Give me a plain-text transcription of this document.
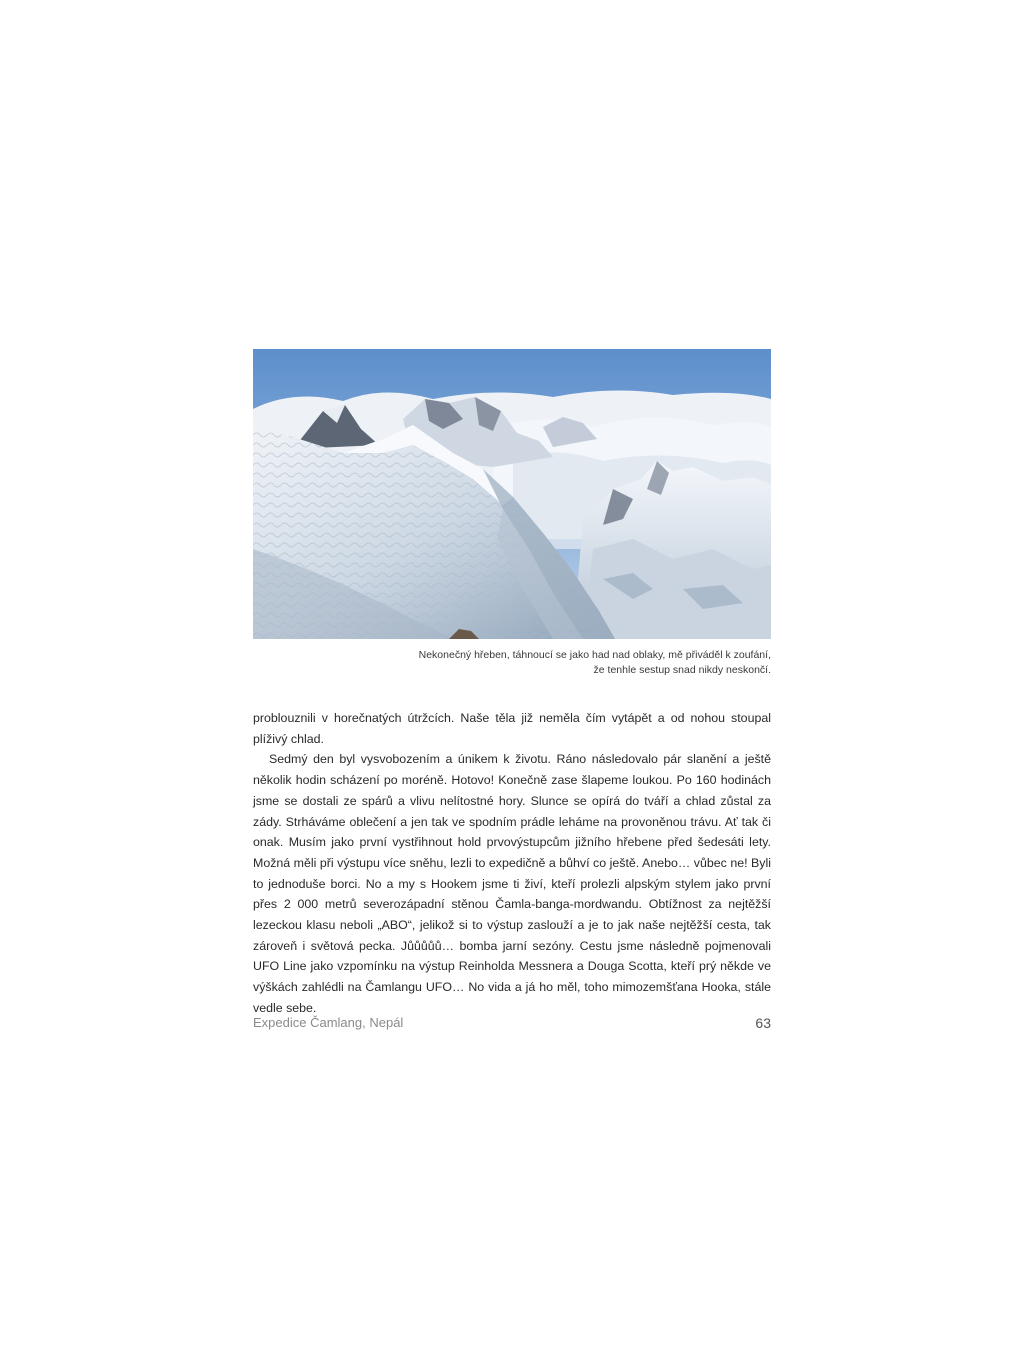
Nekonečný hřeben, táhnoucí se jako had nad oblaky, mě přiváděl k zoufání,
že tenhle sestup snad nikdy neskončí.

problouznili v horečnatých útržcích. Naše těla již neměla čím vytápět a od nohou stoupal plíživý chlad.

Sedmý den byl vysvobozením a únikem k životu. Ráno následovalo pár slanění a ještě několik hodin scházení po moréně. Hotovo! Konečně zase šlapeme loukou. Po 160 hodinách jsme se dostali ze spárů a vlivu nelítostné hory. Slunce se opírá do tváří a chlad zůstal za zády. Strháváme oblečení a jen tak ve spodním prádle leháme na provoněnou trávu. Ať tak či onak. Musím jako první vystřihnout hold prvovýstupcům jižního hřebene před šedesáti lety. Možná měli při výstupu více sněhu, lezli to expedičně a bůhví co ještě. Anebo… vůbec ne! Byli to jednoduše borci. No a my s Hookem jsme ti živí, kteří prolezli alpským stylem jako první přes 2 000 metrů severozápadní stěnou Čamla-banga-mordwandu. Obtížnost za nejtěžší lezeckou klasu neboli „ABO“, jelikož si to výstup zaslouží a je to jak naše nejtěžší cesta, tak zároveň i světová pecka. Jůůůůů… bomba jarní sezóny. Cestu jsme následně pojmenovali UFO Line jako vzpomínku na výstup Reinholda Messnera a Douga Scotta, kteří prý někde ve výškách zahlédli na Čamlangu UFO… No vida a já ho měl, toho mimozemšťana Hooka, stále vedle sebe.

Expedice Čamlang, Nepál	63
